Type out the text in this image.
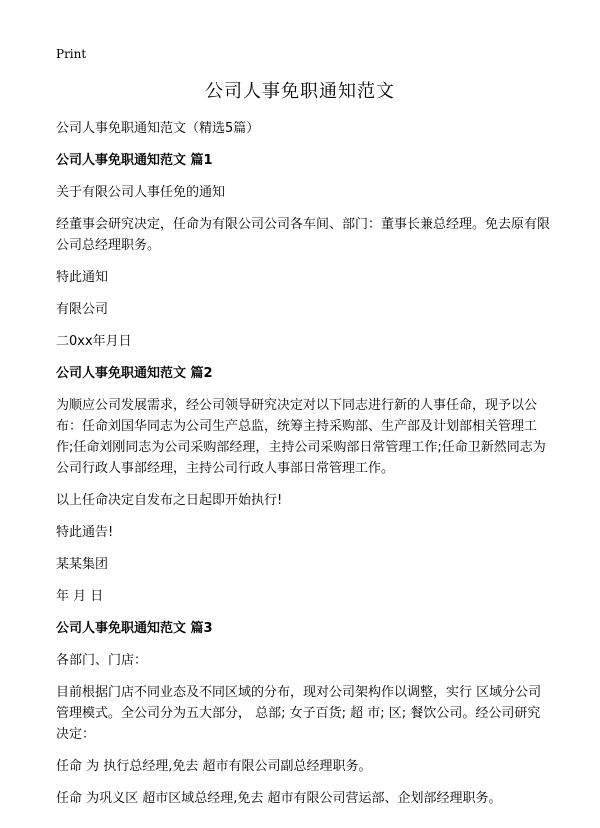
Print
公司人事免职通知范文

公司人事免职通知范文（精选5篇）

公司人事免职通知范文 篇1

关于有限公司人事任免的通知

经董事会研究决定，任命为有限公司公司各车间、部门：董事长兼总经理。免去原有限公司总经理职务。

特此通知

有限公司

二0xx年月日

公司人事免职通知范文 篇2

为顺应公司发展需求，经公司领导研究决定对以下同志进行新的人事任命，现予以公布：任命刘国华同志为公司生产总监，统筹主持采购部、生产部及计划部相关管理工作;任命刘刚同志为公司采购部经理，主持公司采购部日常管理工作;任命卫新然同志为公司行政人事部经理，主持公司行政人事部日常管理工作。

以上任命决定自发布之日起即开始执行!

特此通告!

某某集团

年 月 日

公司人事免职通知范文 篇3

各部门、门店：

目前根据门店不同业态及不同区域的分布，现对公司架构作以调整，实行 区域分公司管理模式。全公司分为五大部分， 总部; 女子百货; 超 市; 区; 餐饮公司。经公司研究决定：

任命 为 执行总经理,免去 超市有限公司副总经理职务。

任命 为巩义区 超市区域总经理,免去 超市有限公司营运部、企划部经理职务。
